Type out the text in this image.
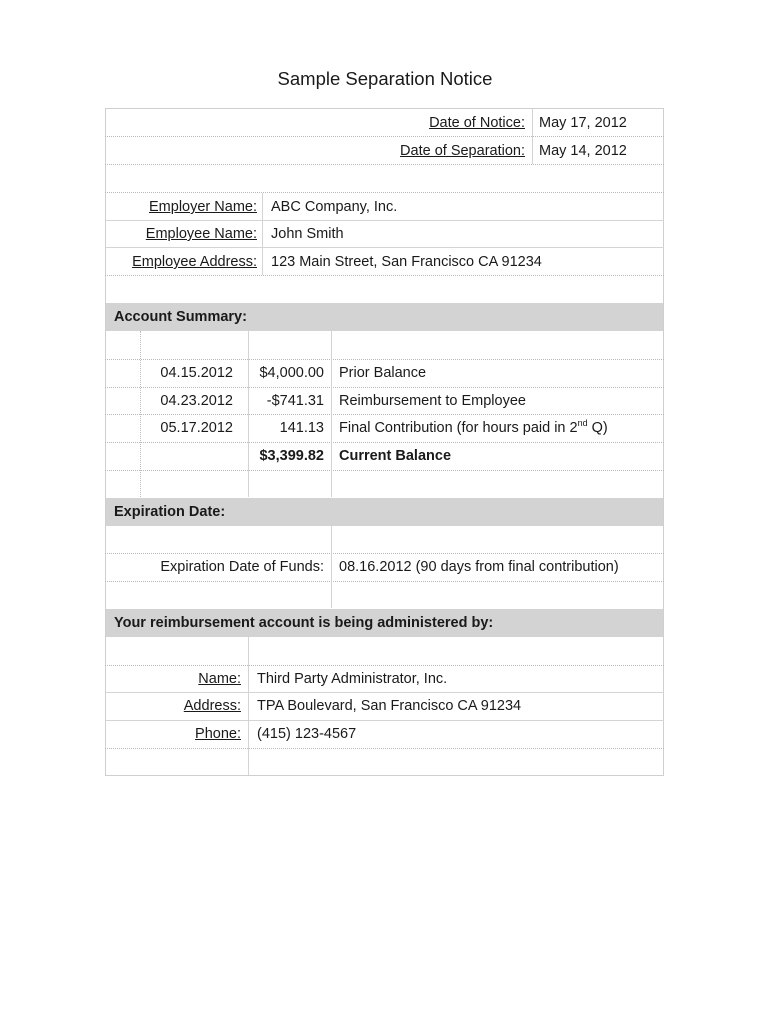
Sample Separation Notice
Date of Notice: May 17, 2012
Date of Separation: May 14, 2012
Employer Name: ABC Company, Inc.
Employee Name: John Smith
Employee Address: 123 Main Street, San Francisco CA 91234
Account Summary:
04.15.2012	$4,000.00 Prior Balance
04.23.2012	-$741.31 Reimbursement to Employee
05.17.2012	141.13 Final Contribution (for hours paid in 2nd Q)
$3,399.82 Current Balance
Expiration Date:
Expiration Date of Funds: 08.16.2012 (90 days from final contribution)
Your reimbursement account is being administered by:
Name: Third Party Administrator, Inc.
Address: TPA Boulevard, San Francisco CA 91234
Phone: (415) 123-4567
